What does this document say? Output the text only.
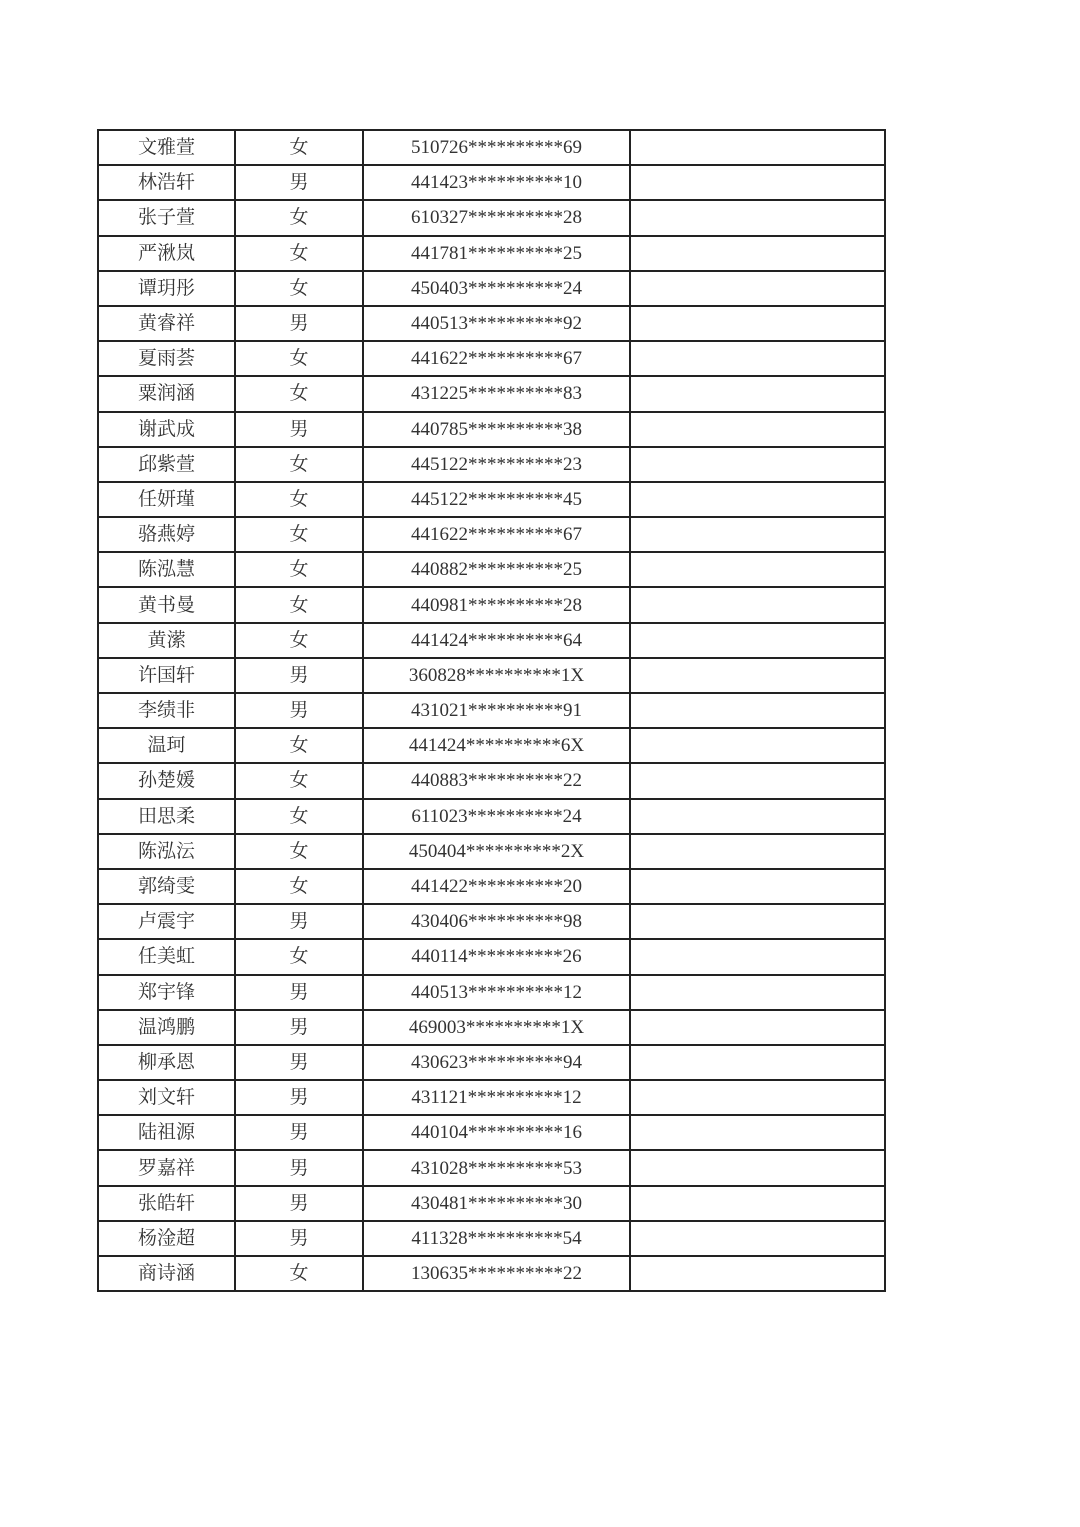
文雅萱	女	510726**********69	
林浩轩	男	441423**********10	
张子萱	女	610327**********28	
严湫岚	女	441781**********25	
谭玥彤	女	450403**********24	
黄睿祥	男	440513**********92	
夏雨荟	女	441622**********67	
粟润涵	女	431225**********83	
谢武成	男	440785**********38	
邱紫萱	女	445122**********23	
任妍瑾	女	445122**********45	
骆燕婷	女	441622**********67	
陈泓慧	女	440882**********25	
黄书曼	女	440981**********28	
黄潆	女	441424**********64	
许国轩	男	360828**********1X	
李绩非	男	431021**********91	
温珂	女	441424**********6X	
孙楚媛	女	440883**********22	
田思柔	女	611023**********24	
陈泓沄	女	450404**********2X	
郭绮雯	女	441422**********20	
卢震宇	男	430406**********98	
任美虹	女	440114**********26	
郑宇锋	男	440513**********12	
温鸿鹏	男	469003**********1X	
柳承恩	男	430623**********94	
刘文轩	男	431121**********12	
陆祖源	男	440104**********16	
罗嘉祥	男	431028**********53	
张皓轩	男	430481**********30	
杨淦超	男	411328**********54	
商诗涵	女	130635**********22	
